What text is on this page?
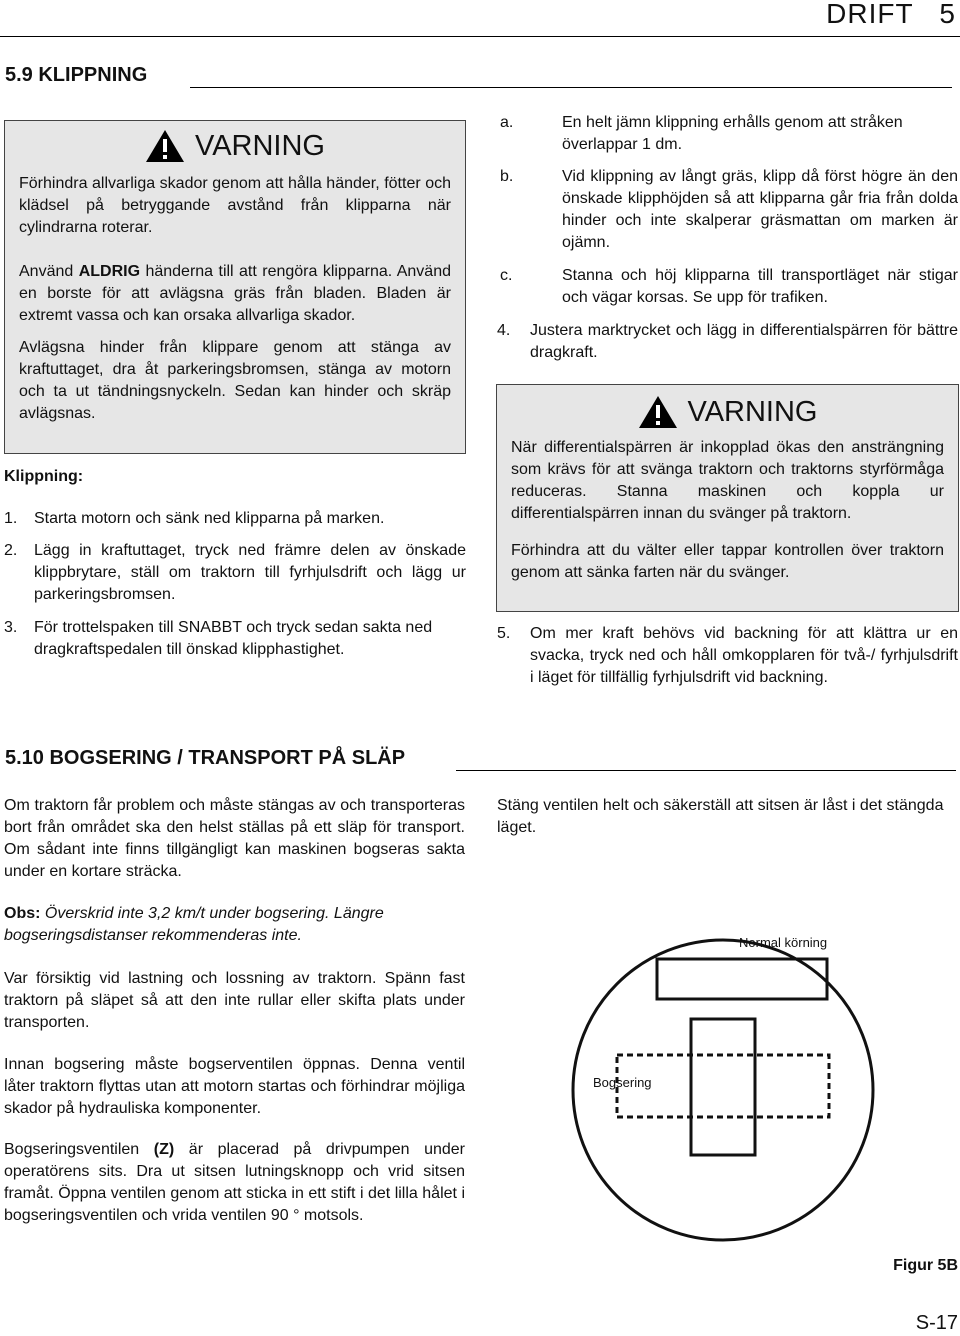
DRIFT   5
5.9 KLIPPNING
VARNING

Förhindra allvarliga skador genom att hålla händer, fötter och klädsel på betryggande avstånd från klipparna när cylindrarna roterar.

Använd ALDRIG händerna till att rengöra klipparna. Använd en borste för att avlägsna gräs från bladen. Bladen är extremt vassa och kan orsaka allvarliga skador.

Avlägsna hinder från klippare genom att stänga av kraftuttaget, dra åt parkeringsbromsen, stänga av motorn och ta ut tändningsnyckeln. Sedan kan hinder och skräp avlägsnas.

Klippning:
1.	Starta motorn och sänk ned klipparna på marken.
2.	Lägg in kraftuttaget, tryck ned främre delen av önskade klippbrytare, ställ om traktorn till fyrhjulsdrift och lägg ur parkeringsbromsen.
3.	För trottelspaken till SNABBT och tryck sedan sakta ned dragkraftspedalen till önskad klipphastighet.
a.	En helt jämn klippning erhålls genom att stråken överlappar 1 dm.
b.	Vid klippning av långt gräs, klipp då först högre än den önskade klipphöjden så att klipparna går fria från dolda hinder och inte skalperar gräsmattan om marken är ojämn.
c.	Stanna och höj klipparna till transportläget när stigar och vägar korsas. Se upp för trafiken.
4.	Justera marktrycket och lägg in differentialspärren för bättre dragkraft.
VARNING

När differentialspärren är inkopplad ökas den ansträngning som krävs för att svänga traktorn och traktorns styrförmåga reduceras. Stanna maskinen och koppla ur differentialspärren innan du svänger på traktorn.

Förhindra att du välter eller tappar kontrollen över traktorn genom att sänka farten när du svänger.

5.	Om mer kraft behövs vid backning för att klättra ur en svacka, tryck ned och håll omkopplaren för två-/ fyrhjulsdrift i läget för tillfällig fyrhjulsdrift vid backning.
5.10 BOGSERING / TRANSPORT PÅ SLÄP

Om traktorn får problem och måste stängas av och transporteras bort från området ska den helst ställas på ett släp för transport. Om sådant inte finns tillgängligt kan maskinen bogseras sakta under en kortare sträcka.

Obs: Överskrid inte 3,2 km/t under bogsering. Längre bogseringsdistanser rekommenderas inte.

Var försiktig vid lastning och lossning av traktorn. Spänn fast traktorn på släpet så att den inte rullar eller skifta plats under transporten.

Innan bogsering måste bogserventilen öppnas. Denna ventil låter traktorn flyttas utan att motorn startas och förhindrar möjliga skador på hydrauliska komponenter.

Bogseringsventilen (Z) är placerad på drivpumpen under operatörens sits. Dra ut sitsen lutningsknopp och vrid sitsen framåt. Öppna ventilen genom att sticka in ett stift i det lilla hålet i bogseringsventilen och vrida ventilen 90 ° motsols.

Stäng ventilen helt och säkerställ att sitsen är låst i det stängda läget.

Normal körning
Bogsering
Figur 5B
S-17
